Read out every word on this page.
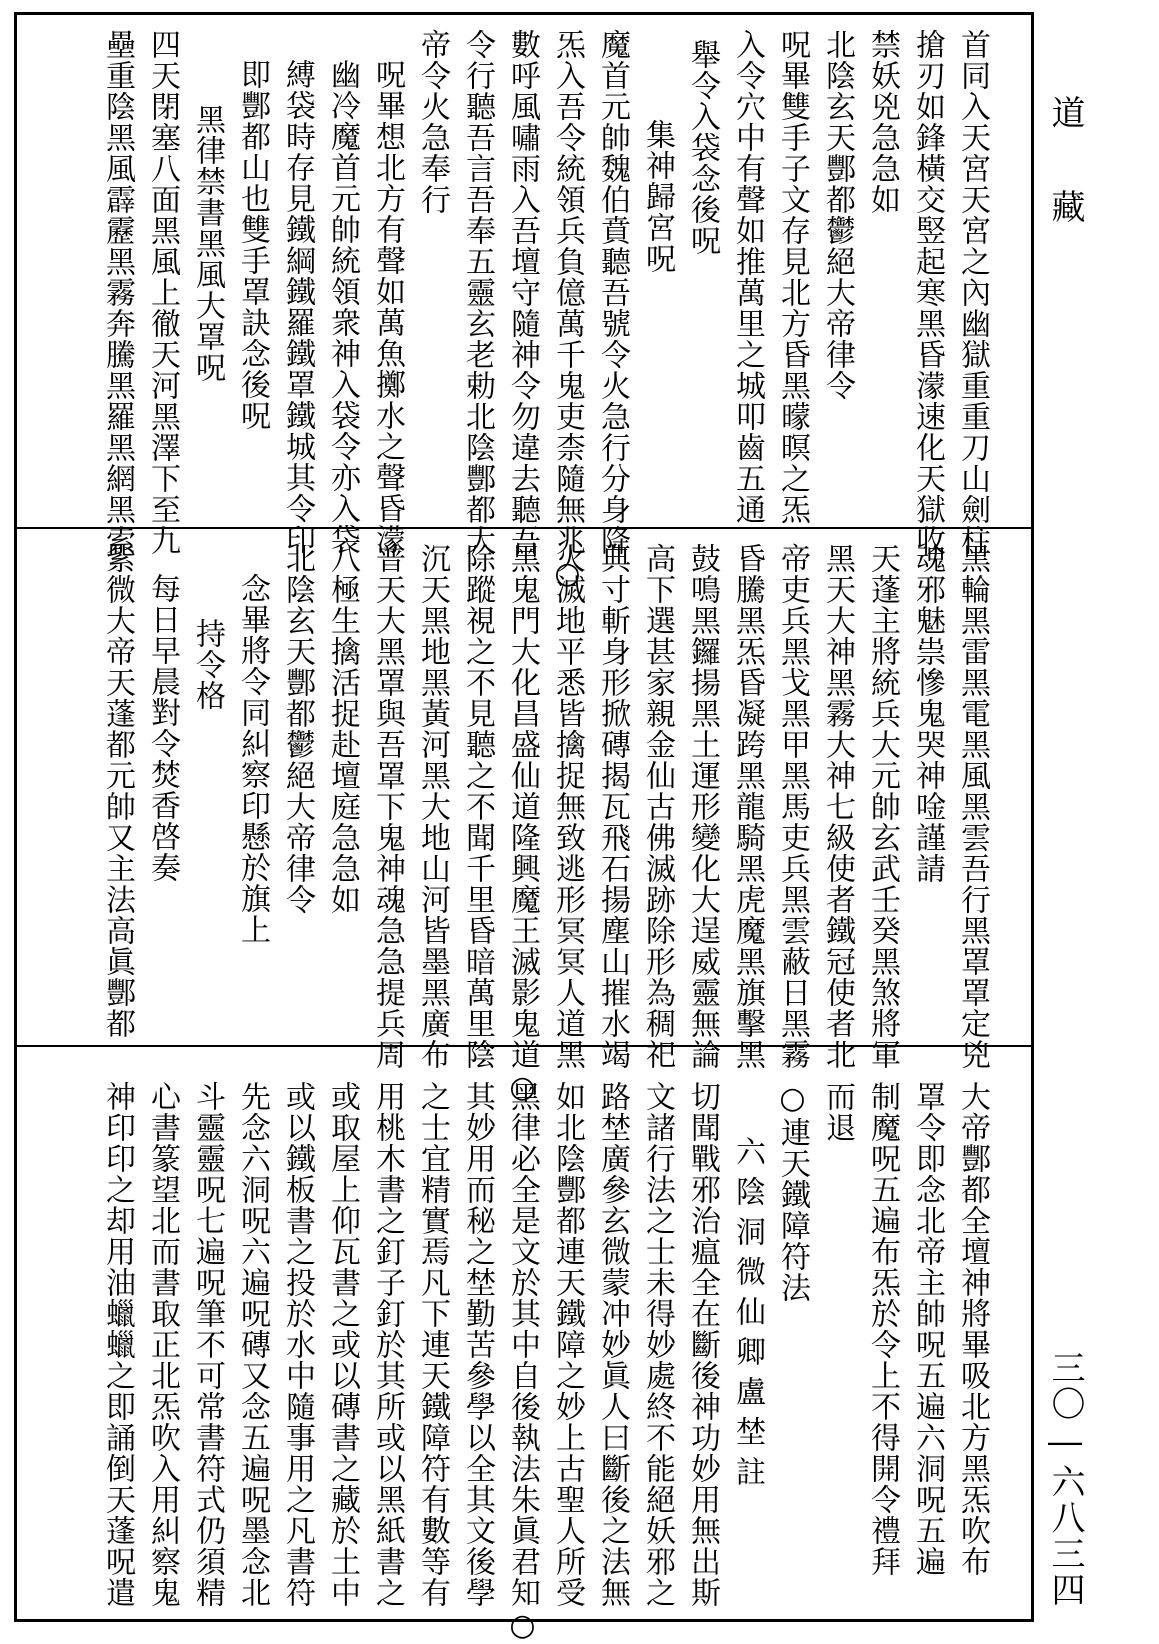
首同入天宮天宮之內幽獄重重刀山劍柱
搶刃如鋒橫交竪起寒黑昏濛速化天獄收
禁妖兇急急如
北陰玄天酆都鬱絕大帝律令
呪畢雙手子文存見北方昏黑曚暝之炁
入令穴中有聲如推萬里之城叩齒五通
舉令入袋念後呪
集神歸宮呪
魔首元帥魏伯賁聽吾號令火急行分身降
炁入吾令統領兵負億萬千鬼吏柰隨無兆○
數呼風嘯雨入吾壇守隨神令勿違去聽吾
令行聽吾言吾奉五靈玄老勅北陰酆都大
帝令火急奉行
呪畢想北方有聲如萬魚擲水之聲昏濛
幽冷魔首元帥統領衆神入袋令亦入袋
縛袋時存見鐵綱鐵羅鐵罩鐵城其令印
即酆都山也雙手罩訣念後呪
黑律禁書黑風大罩呪
四天閉塞八面黑風上徹天河黑澤下至九
壘重陰黑風霹靂黑霧奔騰黑羅黑網黑索
黑輪黑雷黑電黑風黑雲吾行黑罩罩定兇
魂邪魅祟慘鬼哭神唫謹請
天蓬主將統兵大元帥玄武壬癸黑煞將軍
黑天大神黑霧大神七級使者鐵冠使者北
帝吏兵黑戈黑甲黑馬吏兵黑雲蔽日黑霧
昏騰黑炁昏凝跨黑龍騎黑虎魔黑旗擊黑
鼓鳴黑鑼揚黑土運形變化大逞威靈無論
高下選甚家親金仙古佛滅跡除形為稠祀
典寸斬身形掀磚揭瓦飛石揚塵山摧水竭
火滅地平悉皆擒捉無致逃形冥冥人道黑
黑鬼門大化昌盛仙道隆興魔王滅影鬼道○
除蹤視之不見聽之不聞千里昏暗萬里陰
沉天黑地黑黃河黑大地山河皆墨黑廣布
普天大黑罩與吾罩下鬼神魂急急提兵周
八極生擒活捉赴壇庭急急如
北陰玄天酆都鬱絕大帝律令
念畢將令同糾察印懸於旗上
持令格
每日早晨對令焚香啓奏
紫微大帝天蓬都元帥又主法高眞酆都
大帝酆都全壇神將畢吸北方黑炁吹布
罩令即念北帝主帥呪五遍六洞呪五遍
制魔呪五遍布炁於令上不得開令禮拜
而退
○連天鐵障符法
六陰洞微仙卿盧埜註
切聞戰邪治瘟全在斷後神功妙用無出斯
文諸行法之士未得妙處終不能絕妖邪之
路埜廣參玄微蒙冲妙眞人曰斷後之法無
如北陰酆都連天鐵障之妙上古聖人所受
黑律必全是文於其中自後執法朱眞君知○
其妙用而秘之埜勤苦參學以全其文後學
之士宜精實焉凡下連天鐵障符有數等有
用桃木書之釘子釘於其所或以黑紙書之
或取屋上仰瓦書之或以磚書之藏於土中
或以鐵板書之投於水中隨事用之凡書符
先念六洞呪六遍呪磚又念五遍呪墨念北
斗靈靈呪七遍呪筆不可常書符式仍須精
心書篆望北而書取正北炁吹入用糾察鬼
神印印之却用油蠟蠟之即誦倒天蓬呪遣
道藏
三〇―六八三四
